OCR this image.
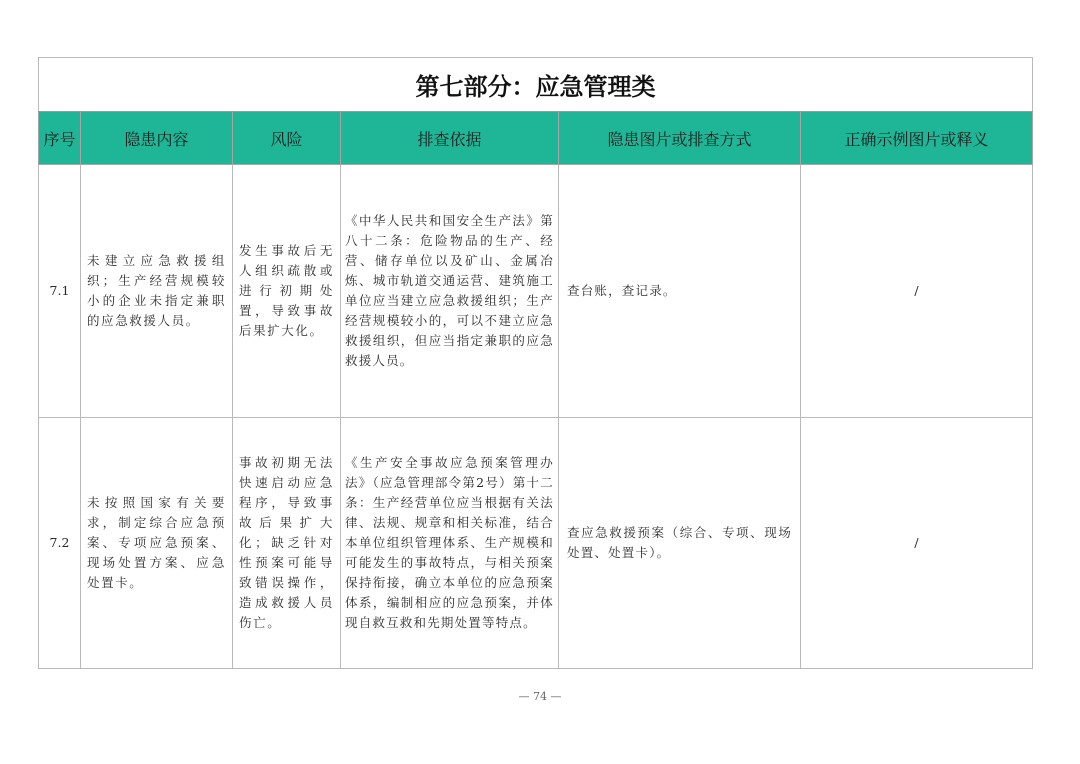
第七部分：应急管理类					
序号	隐患内容	风险	排查依据	隐患图片或排查方式	正确示例图片或释义
7.1	未建立应急救援组织；生产经营规模较小的企业未指定兼职的应急救援人员。	发生事故后无人组织疏散或进行初期处置，导致事故后果扩大化。	《中华人民共和国安全生产法》第八十二条：危险物品的生产、经营、储存单位以及矿山、金属冶炼、城市轨道交通运营、建筑施工单位应当建立应急救援组织；生产经营规模较小的，可以不建立应急救援组织，但应当指定兼职的应急救援人员。	查台账，查记录。	/
7.2	未按照国家有关要求，制定综合应急预案、专项应急预案、现场处置方案、应急处置卡。	事故初期无法快速启动应急程序，导致事故后果扩大化；缺乏针对性预案可能导致错误操作，造成救援人员伤亡。	《生产安全事故应急预案管理办法》（应急管理部令第2号）第十二条：生产经营单位应当根据有关法律、法规、规章和相关标准，结合本单位组织管理体系、生产规模和可能发生的事故特点，与相关预案保持衔接，确立本单位的应急预案体系，编制相应的应急预案，并体现自救互救和先期处置等特点。	查应急救援预案（综合、专项、现场处置、处置卡）。	/
— 74 —
